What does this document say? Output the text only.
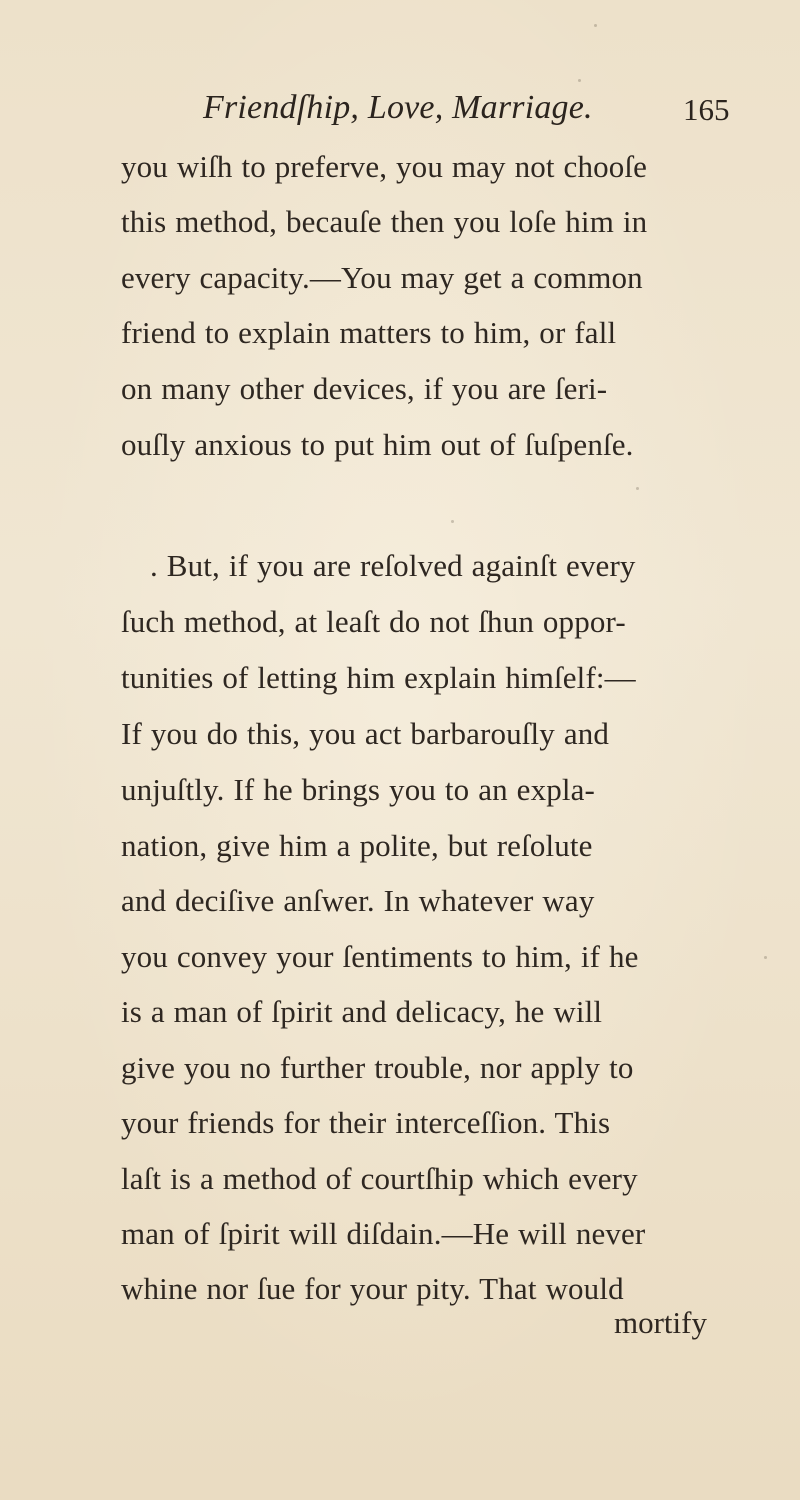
Friendſhip, Love, Marriage.	165
you wiſh to preferve, you may not chooſe
this method, becauſe then you loſe him in
every capacity.—You may get a common
friend to explain matters to him, or fall
on many other devices, if you are ſeri-
ouſly anxious to put him out of ſuſpenſe.
. But, if you are reſolved againſt every
ſuch method, at leaſt do not ſhun oppor-
tunities of letting him explain himſelf:—
If you do this, you act barbarouſly and
unjuſtly. If he brings you to an expla-
nation, give him a polite, but reſolute
and deciſive anſwer. In whatever way
you convey your ſentiments to him, if he
is a man of ſpirit and delicacy, he will
give you no further trouble, nor apply to
your friends for their interceſſion. This
laſt is a method of courtſhip which every
man of ſpirit will diſdain.—He will never
whine nor ſue for your pity. That would
mortify
